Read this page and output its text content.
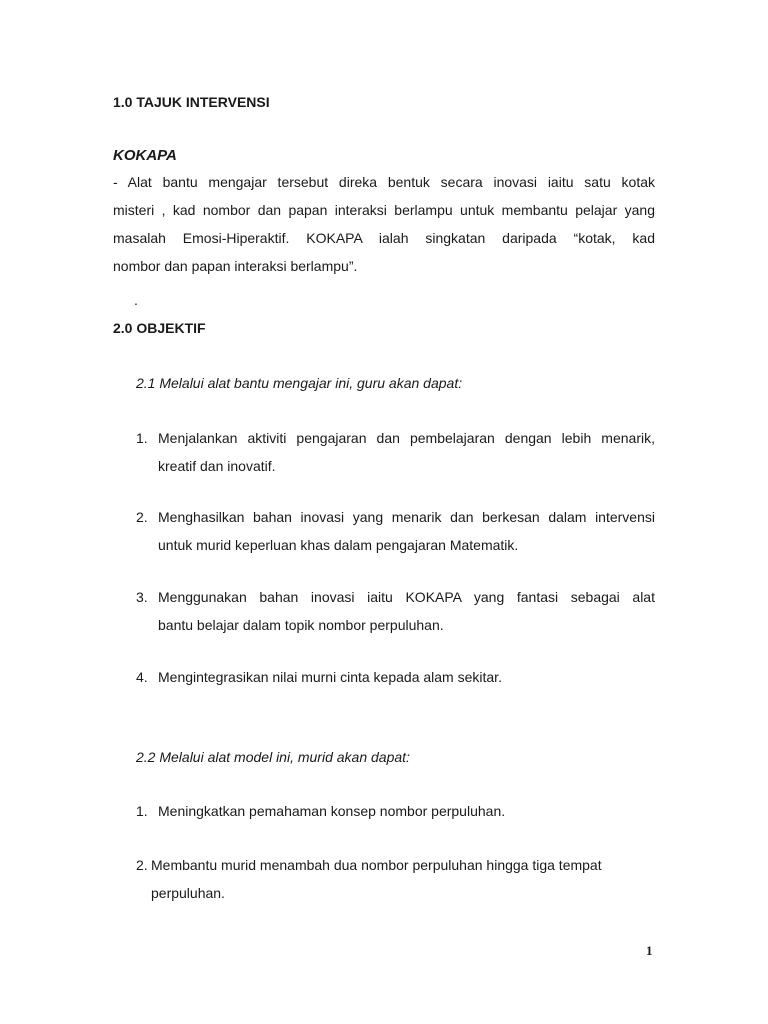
1.0 TAJUK INTERVENSI
KOKAPA
- Alat bantu mengajar tersebut direka bentuk secara inovasi iaitu satu kotak
misteri , kad nombor dan papan interaksi berlampu untuk membantu pelajar yang
masalah Emosi-Hiperaktif. KOKAPA ialah singkatan daripada “kotak, kad
nombor dan papan interaksi berlampu”.
.
2.0 OBJEKTIF
2.1 Melalui alat bantu mengajar ini, guru akan dapat:
1. Menjalankan aktiviti pengajaran dan pembelajaran dengan lebih menarik,
kreatif dan inovatif.
2. Menghasilkan bahan inovasi yang menarik dan berkesan dalam intervensi
untuk murid keperluan khas dalam pengajaran Matematik.
3. Menggunakan bahan inovasi iaitu KOKAPA yang fantasi sebagai alat
bantu belajar dalam topik nombor perpuluhan.
4. Mengintegrasikan nilai murni cinta kepada alam sekitar.
2.2 Melalui alat model ini, murid akan dapat:
1. Meningkatkan pemahaman konsep nombor perpuluhan.
2. Membantu murid menambah dua nombor perpuluhan hingga tiga tempat
perpuluhan.
1
